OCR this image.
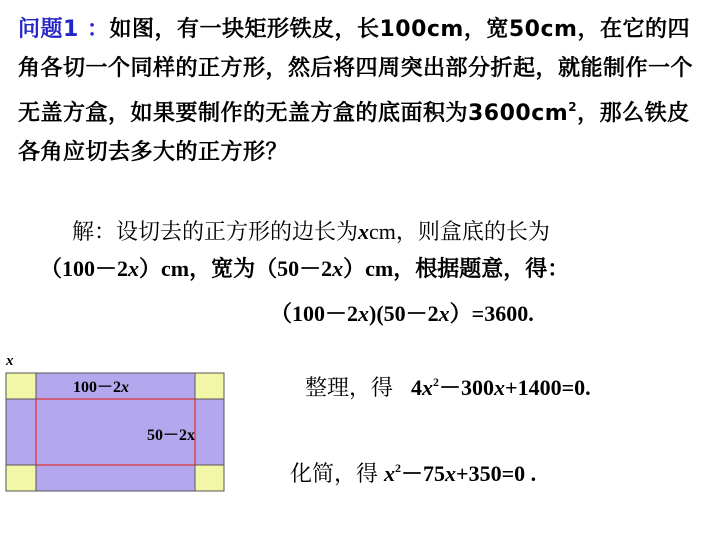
问题1 ：如图，有一块矩形铁皮，长100cm，宽50cm，在它的四角各切一个同样的正方形，然后将四周突出部分折起，就能制作一个无盖方盒，如果要制作的无盖方盒的底面积为$3600cm^2$，那么铁皮各角应切去多大的正方形？
解：设切去的正方形的边长为xcm，则盒底的长为
（100－2x）cm，宽为（50－2x）cm，根据题意，得：
（100－2x)(50－2x）=3600.
整理，得 $4x^2-300x+1400=0$.
化简，得 $x^2-75x+350=0$ .
x
100－2x
50－2x
